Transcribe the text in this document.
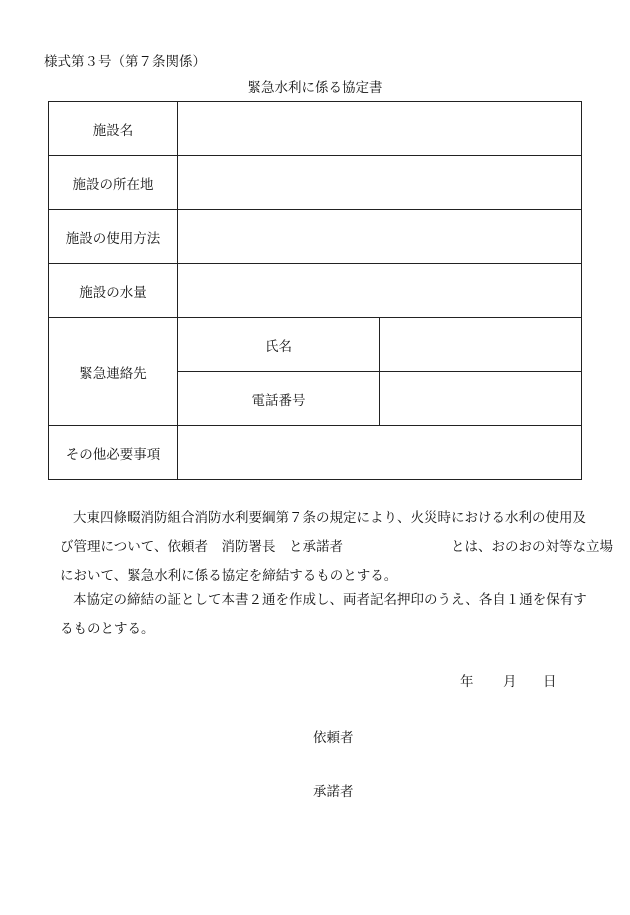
様式第３号（第７条関係）
緊急水利に係る協定書
施設名		
施設の所在地		
施設の使用方法		
施設の水量		
緊急連絡先	氏名	
	電話番号	
その他必要事項		
大東四條畷消防組合消防水利要綱第７条の規定により、火災時における水利の使用及
び管理について、依頼者　消防署長　と承諾者　　　　　　　　とは、おのおの対等な立場
において、緊急水利に係る協定を締結するものとする。
本協定の締結の証として本書２通を作成し、両者記名押印のうえ、各自１通を保有す
るものとする。
年 月 日
依頼者
承諾者
